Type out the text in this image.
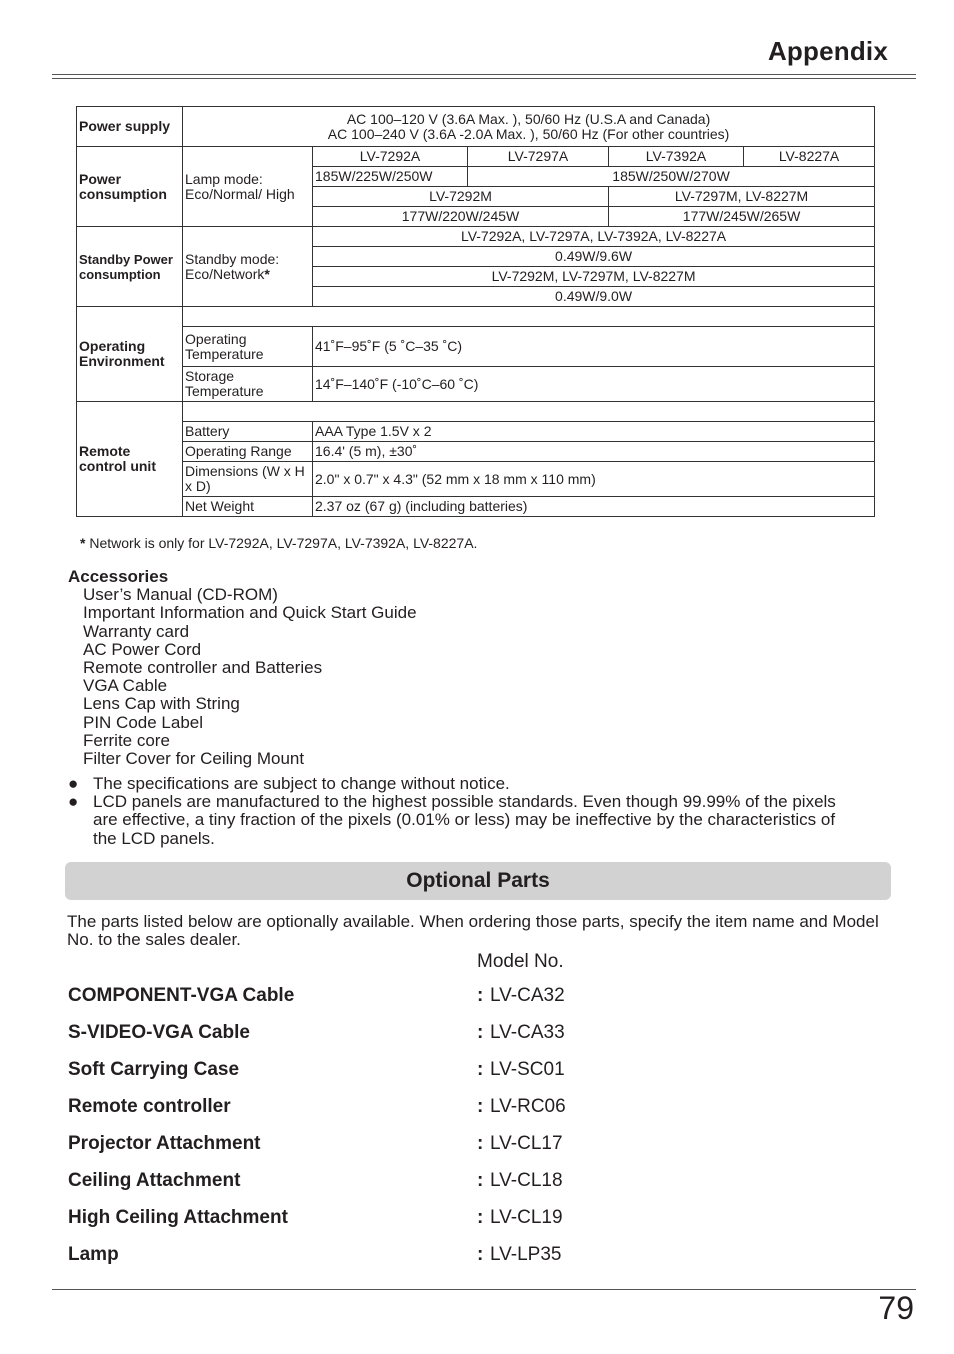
Appendix
Power supply	AC 100–120 V (3.6A Max. ), 50/60 Hz (U.S.A and Canada)
AC 100–240 V (3.6A -2.0A Max. ), 50/60 Hz (For other countries)				

Power consumption	Lamp mode: Eco/Normal/ High	LV-7292A	LV-7297A	LV-7392A	LV-8227A
		185W/225W/250W	185W/250W/270W		
		LV-7292M		LV-7297M, LV-8227M	
		177W/220W/245W		177W/245W/265W	
Standby Power consumption	Standby mode: Eco/Network*	LV-7292A, LV-7297A, LV-7392A, LV-8227A			
		0.49W/9.6W			
		LV-7292M, LV-7297M, LV-8227M			
		0.49W/9.0W			
Operating Environment					
	Operating Temperature	41˚F–95˚F (5 ˚C–35 ˚C)			
	Storage Temperature	14˚F–140˚F (-10˚C–60 ˚C)			
Remote control unit					
	Battery	AAA Type 1.5V x 2			
	Operating Range	16.4' (5 m), ±30˚			
	Dimensions (W x H x D)	2.0" x 0.7" x 4.3" (52 mm x 18 mm x 110 mm)			
	Net Weight	2.37 oz (67 g) (including batteries)			
* Network is only for LV-7292A, LV-7297A, LV-7392A, LV-8227A.
Accessories
User’s Manual (CD-ROM)
Important Information and Quick Start Guide
Warranty card
AC Power Cord
Remote controller and Batteries
VGA Cable
Lens Cap with String
PIN Code Label
Ferrite core
Filter Cover for Ceiling Mount
● The specifications are subject to change without notice.
● LCD panels are manufactured to the highest possible standards. Even though 99.99% of the pixels are effective, a tiny fraction of the pixels (0.01% or less) may be ineffective by the characteristics of the LCD panels.
Optional Parts
The parts listed below are optionally available. When ordering those parts, specify the item name and Model No. to the sales dealer.
Model No.
COMPONENT-VGA Cable	: LV-CA32
S-VIDEO-VGA Cable	: LV-CA33
Soft Carrying Case	: LV-SC01
Remote controller	: LV-RC06
Projector Attachment	: LV-CL17
Ceiling Attachment	: LV-CL18
High Ceiling Attachment	: LV-CL19
Lamp	: LV-LP35
79
